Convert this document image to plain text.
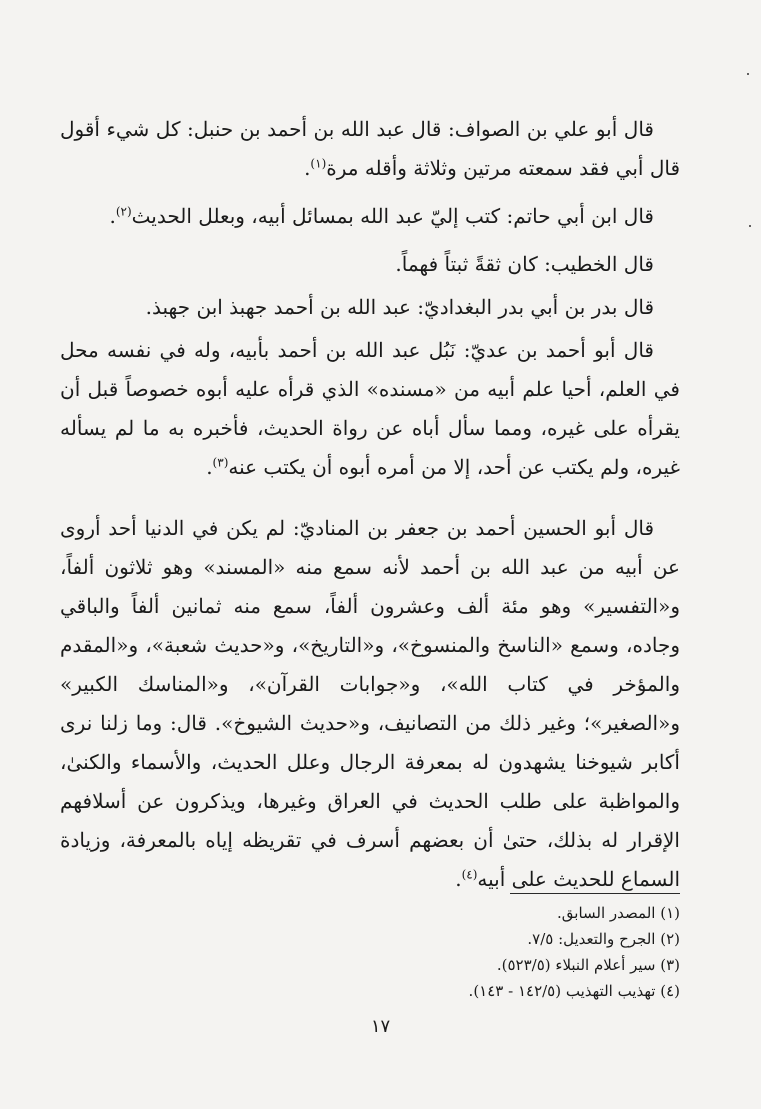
قال أبو علي بن الصواف: قال عبد الله بن أحمد بن حنبل: كل شيء أقول قال أبي فقد سمعته مرتين وثلاثة وأقله مرة$^{(١)}$.

قال ابن أبي حاتم: كتب إليّ عبد الله بمسائل أبيه، وبعلل الحديث$^{(٢)}$.

قال الخطيب: كان ثقةً ثبتاً فهماً.

قال بدر بن أبي بدر البغداديّ: عبد الله بن أحمد جهبذ ابن جهبذ.

قال أبو أحمد بن عديّ: نَبُل عبد الله بن أحمد بأبيه، وله في نفسه محل في العلم، أحيا علم أبيه من «مسنده» الذي قرأه عليه أبوه خصوصاً قبل أن يقرأه على غيره، ومما سأل أباه عن رواة الحديث، فأخبره به ما لم يسأله غيره، ولم يكتب عن أحد، إلا من أمره أبوه أن يكتب عنه$^{(٣)}$.

قال أبو الحسين أحمد بن جعفر بن المناديّ: لم يكن في الدنيا أحد أروى عن أبيه من عبد الله بن أحمد لأنه سمع منه «المسند» وهو ثلاثون ألفاً، و«التفسير» وهو مئة ألف وعشرون ألفاً، سمع منه ثمانين ألفاً والباقي وجاده، وسمع «الناسخ والمنسوخ»، و«التاريخ»، و«حديث شعبة»، و«المقدم والمؤخر في كتاب الله»، و«جوابات القرآن»، و«المناسك الكبير» و«الصغير»؛ وغير ذلك من التصانيف، و«حديث الشيوخ». قال: وما زلنا نرى أكابر شيوخنا يشهدون له بمعرفة الرجال وعلل الحديث، والأسماء والكنىٰ، والمواظبة على طلب الحديث في العراق وغيرها، ويذكرون عن أسلافهم الإقرار له بذلك، حتىٰ أن بعضهم أسرف في تقريظه إياه بالمعرفة، وزيادة السماع للحديث على أبيه$^{(٤)}$.

(١) المصدر السابق.

(٢) الجرح والتعديل: ٧/٥.

(٣) سير أعلام النبلاء (٥٢٣/٥).

(٤) تهذيب التهذيب (١٤٢/٥ - ١٤٣).

١٧
